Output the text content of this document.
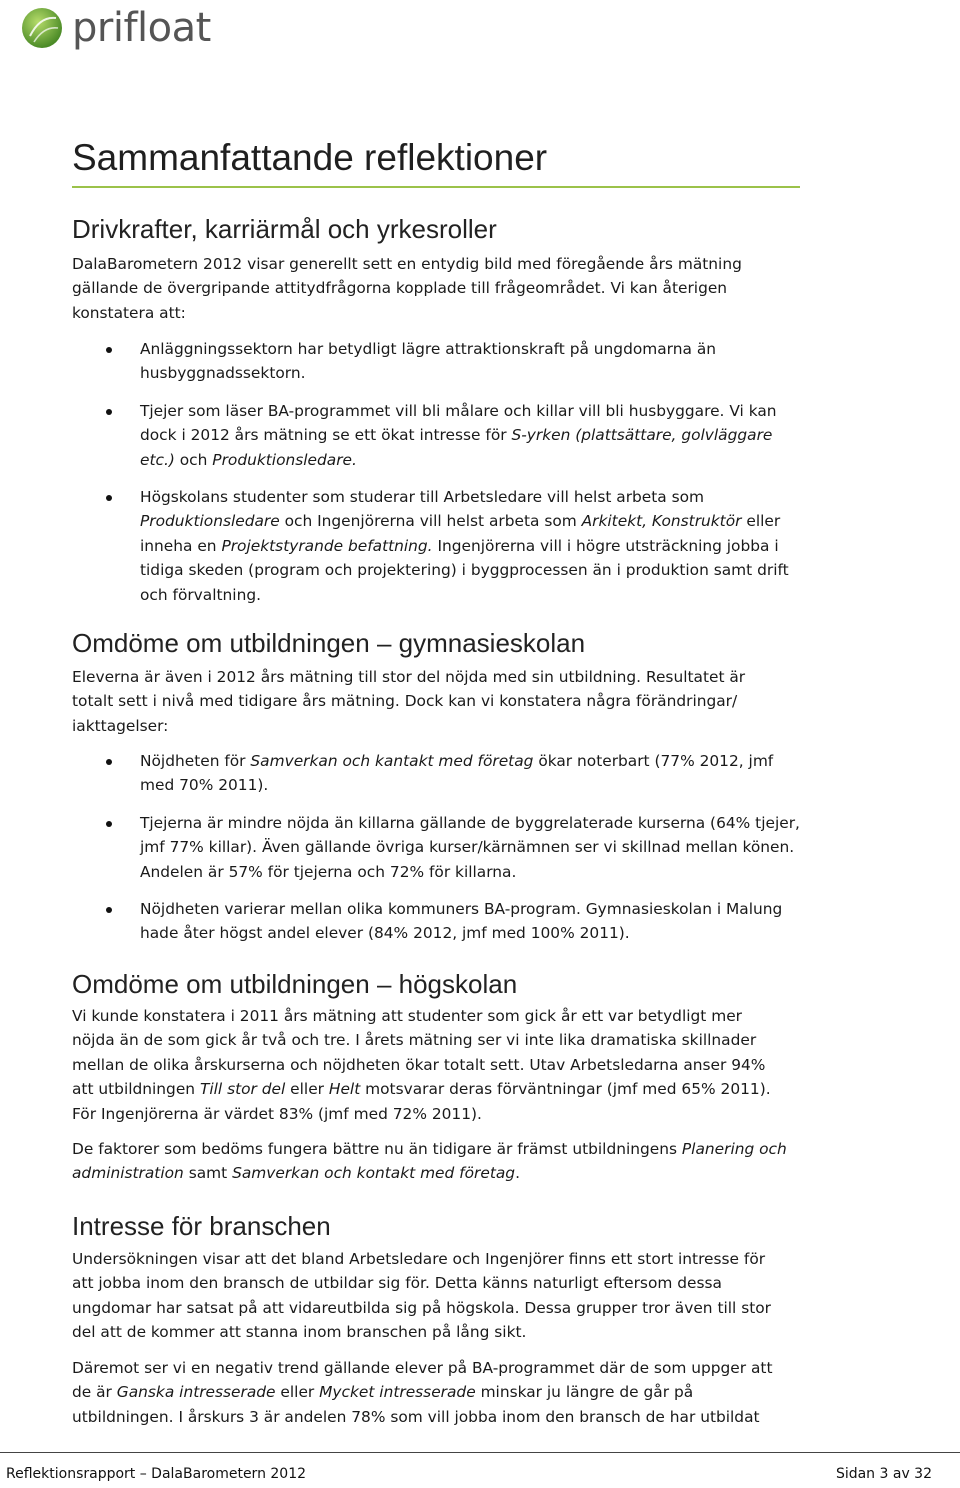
prifloat
Sammanfattande reflektioner
Drivkrafter, karriärmål och yrkesroller
DalaBarometern 2012 visar generellt sett en entydig bild med föregående års mätning gällande de övergripande attitydfrågorna kopplade till frågeområdet. Vi kan återigen konstatera att:
Anläggningssektorn har betydligt lägre attraktionskraft på ungdomarna än husbyggnadssektorn.
Tjejer som läser BA-programmet vill bli målare och killar vill bli husbyggare. Vi kan dock i 2012 års mätning se ett ökat intresse för S-yrken (plattsättare, golvläggare etc.) och Produktionsledare.
Högskolans studenter som studerar till Arbetsledare vill helst arbeta som Produktionsledare och Ingenjörerna vill helst arbeta som Arkitekt, Konstruktör eller inneha en Projektstyrande befattning. Ingenjörerna vill i högre utsträckning jobba i tidiga skeden (program och projektering) i byggprocessen än i produktion samt drift och förvaltning.
Omdöme om utbildningen – gymnasieskolan
Eleverna är även i 2012 års mätning till stor del nöjda med sin utbildning. Resultatet är totalt sett i nivå med tidigare års mätning. Dock kan vi konstatera några förändringar/ iakttagelser:
Nöjdheten för Samverkan och kantakt med företag ökar noterbart (77% 2012, jmf med 70% 2011).
Tjejerna är mindre nöjda än killarna gällande de byggrelaterade kurserna (64% tjejer, jmf 77% killar). Även gällande övriga kurser/kärnämnen ser vi skillnad mellan könen. Andelen är 57% för tjejerna och 72% för killarna.
Nöjdheten varierar mellan olika kommuners BA-program. Gymnasieskolan i Malung hade åter högst andel elever (84% 2012, jmf med 100% 2011).
Omdöme om utbildningen – högskolan
Vi kunde konstatera i 2011 års mätning att studenter som gick år ett var betydligt mer nöjda än de som gick år två och tre. I årets mätning ser vi inte lika dramatiska skillnader mellan de olika årskurserna och nöjdheten ökar totalt sett. Utav Arbetsledarna anser 94% att utbildningen Till stor del eller Helt motsvarar deras förväntningar (jmf med 65% 2011). För Ingenjörerna är värdet 83% (jmf med 72% 2011).
De faktorer som bedöms fungera bättre nu än tidigare är främst utbildningens Planering och administration samt Samverkan och kontakt med företag.
Intresse för branschen
Undersökningen visar att det bland Arbetsledare och Ingenjörer finns ett stort intresse för att jobba inom den bransch de utbildar sig för. Detta känns naturligt eftersom dessa ungdomar har satsat på att vidareutbilda sig på högskola. Dessa grupper tror även till stor del att de kommer att stanna inom branschen på lång sikt.
Däremot ser vi en negativ trend gällande elever på BA-programmet där de som uppger att de är Ganska intresserade eller Mycket intresserade minskar ju längre de går på utbildningen. I årskurs 3 är andelen 78% som vill jobba inom den bransch de har utbildat
Reflektionsrapport – DalaBarometern 2012	Sidan 3 av 32
